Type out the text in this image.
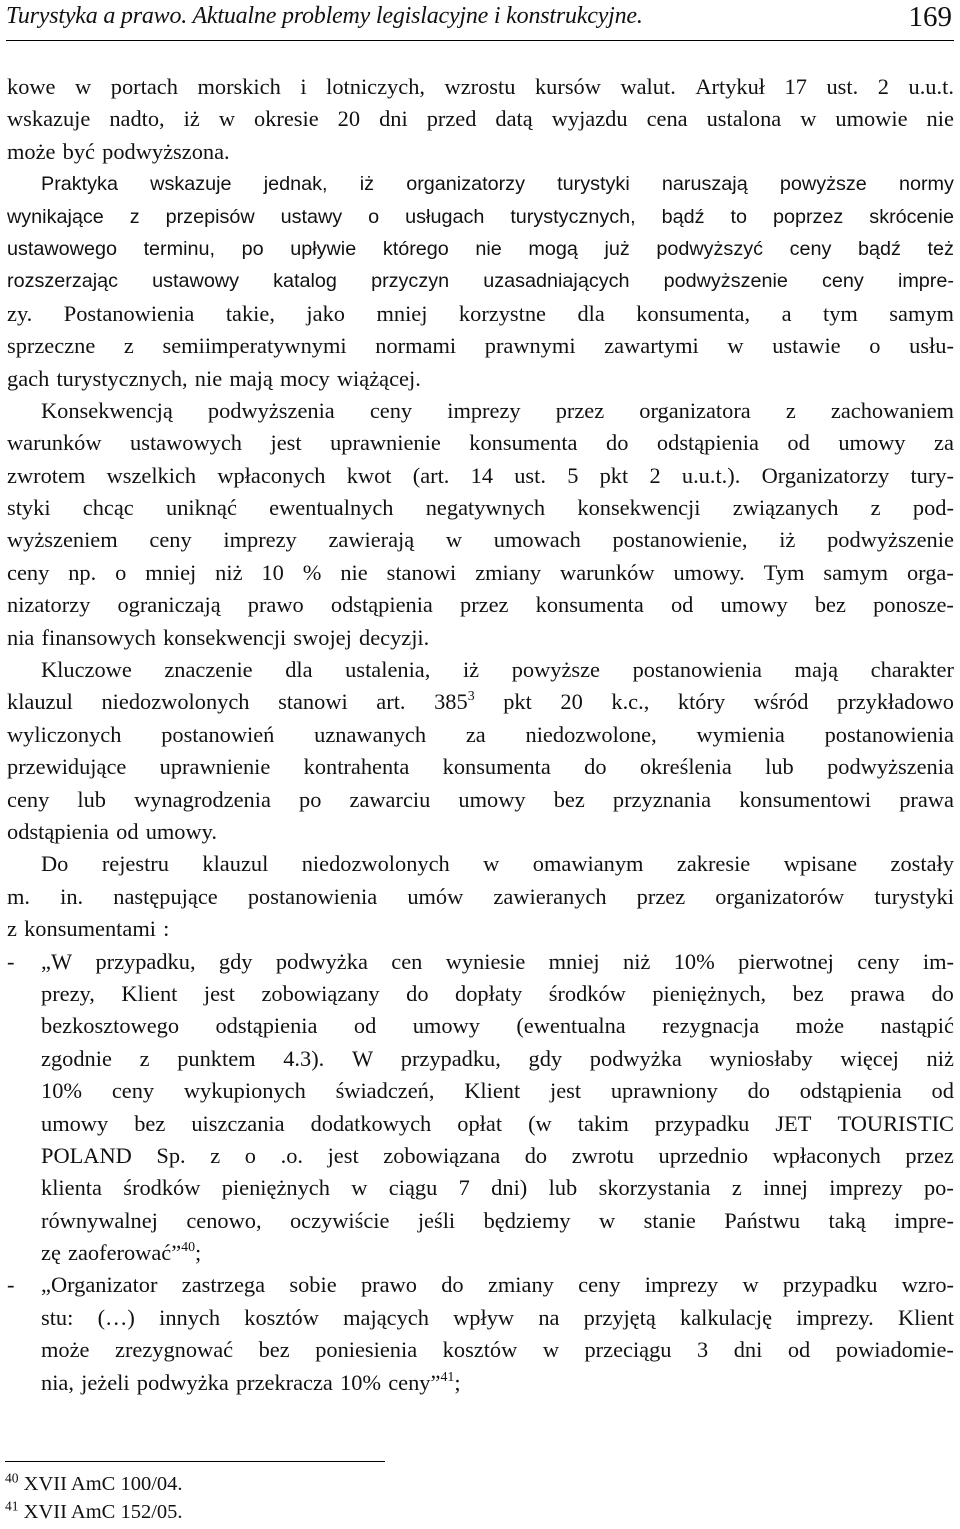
Turystyka a prawo. Aktualne problemy legislacyjne i konstrukcyjne.	169
kowe w portach morskich i lotniczych, wzrostu kursów walut. Artykuł 17 ust. 2 u.u.t.
wskazuje nadto, iż w okresie 20 dni przed datą wyjazdu cena ustalona w umowie nie
może być podwyższona.
Praktyka wskazuje jednak, iż organizatorzy turystyki naruszają powyższe normy
wynikające z przepisów ustawy o usługach turystycznych, bądź to poprzez skrócenie
ustawowego terminu, po upływie którego nie mogą już podwyższyć ceny bądź też
rozszerzając ustawowy katalog przyczyn uzasadniających podwyższenie ceny impre-
zy. Postanowienia takie, jako mniej korzystne dla konsumenta, a tym samym
sprzeczne z semiimperatywnymi normami prawnymi zawartymi w ustawie o usłu-
gach turystycznych, nie mają mocy wiążącej.
Konsekwencją podwyższenia ceny imprezy przez organizatora z zachowaniem
warunków ustawowych jest uprawnienie konsumenta do odstąpienia od umowy za
zwrotem wszelkich wpłaconych kwot (art. 14 ust. 5 pkt 2 u.u.t.). Organizatorzy tury-
styki chcąc uniknąć ewentualnych negatywnych konsekwencji związanych z pod-
wyższeniem ceny imprezy zawierają w umowach postanowienie, iż podwyższenie
ceny np. o mniej niż 10 % nie stanowi zmiany warunków umowy. Tym samym orga-
nizatorzy ograniczają prawo odstąpienia przez konsumenta od umowy bez ponosze-
nia finansowych konsekwencji swojej decyzji.
Kluczowe znaczenie dla ustalenia, iż powyższe postanowienia mają charakter
klauzul niedozwolonych stanowi art. $385^3$ pkt 20 k.c., który wśród przykładowo
wyliczonych postanowień uznawanych za niedozwolone, wymienia postanowienia
przewidujące uprawnienie kontrahenta konsumenta do określenia lub podwyższenia
ceny lub wynagrodzenia po zawarciu umowy bez przyznania konsumentowi prawa
odstąpienia od umowy.
Do rejestru klauzul niedozwolonych w omawianym zakresie wpisane zostały
m. in. następujące postanowienia umów zawieranych przez organizatorów turystyki
z konsumentami :
- „W przypadku, gdy podwyżka cen wyniesie mniej niż 10% pierwotnej ceny im-
prezy, Klient jest zobowiązany do dopłaty środków pieniężnych, bez prawa do
bezkosztowego odstąpienia od umowy (ewentualna rezygnacja może nastąpić
zgodnie z punktem 4.3). W przypadku, gdy podwyżka wyniosłaby więcej niż
10% ceny wykupionych świadczeń, Klient jest uprawniony do odstąpienia od
umowy bez uiszczania dodatkowych opłat (w takim przypadku JET TOURISTIC
POLAND Sp. z o .o. jest zobowiązana do zwrotu uprzednio wpłaconych przez
klienta środków pieniężnych w ciągu 7 dni) lub skorzystania z innej imprezy po-
równywalnej cenowo, oczywiście jeśli będziemy w stanie Państwu taką impre-
zę zaoferować”$^{40}$;
- „Organizator zastrzega sobie prawo do zmiany ceny imprezy w przypadku wzro-
stu: (…) innych kosztów mających wpływ na przyjętą kalkulację imprezy. Klient
może zrezygnować bez poniesienia kosztów w przeciągu 3 dni od powiadomie-
nia, jeżeli podwyżka przekracza 10% ceny”$^{41}$;
$^{40}$ XVII AmC 100/04.
$^{41}$ XVII AmC 152/05.
